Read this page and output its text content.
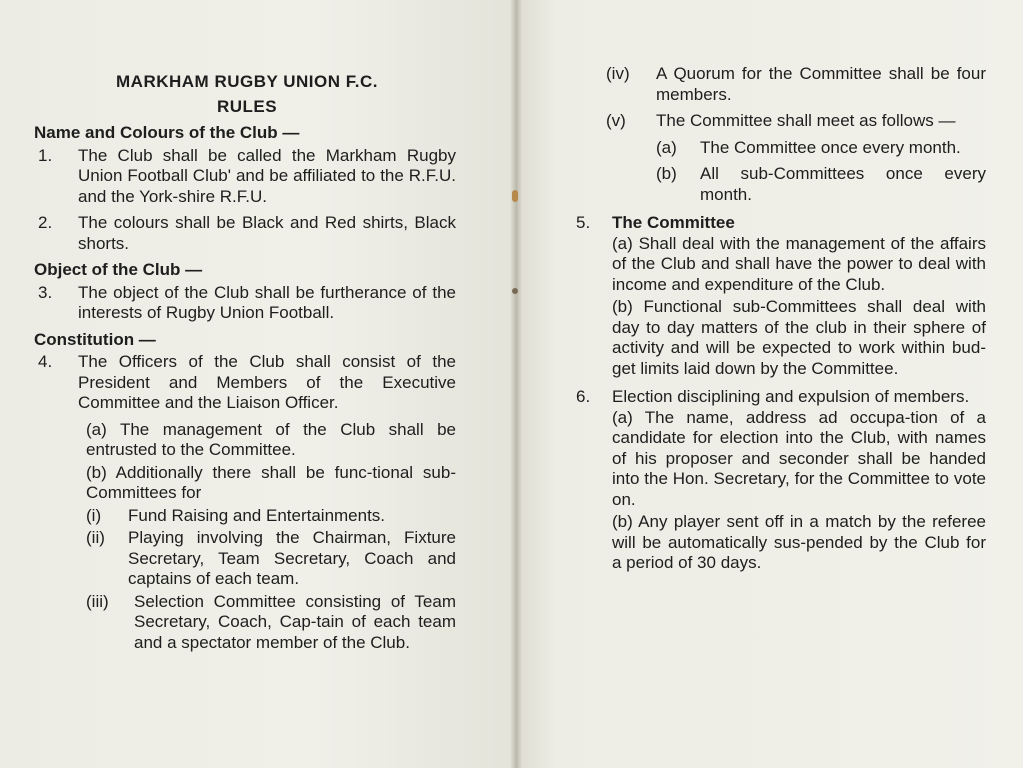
MARKHAM RUGBY UNION F.C.
RULES
Name and Colours of the Club —
1.	The Club shall be called the Markham Rugby Union Football Club' and be affiliated to the R.F.U. and the York-shire R.F.U.
2.	The colours shall be Black and Red shirts, Black shorts.
Object of the Club —
3.	The object of the Club shall be furtherance of the interests of Rugby Union Football.
Constitution —
4.	The Officers of the Club shall consist of the President and Members of the Executive Committee and the Liaison Officer.
(a) The management of the Club shall be entrusted to the Committee.
(b) Additionally there shall be func-tional sub-Committees for
(i)	Fund Raising and Entertainments.
(ii)	Playing involving the Chairman, Fixture Secretary, Team Secretary, Coach and captains of each team.
(iii)	Selection Committee consisting of Team Secretary, Coach, Cap-tain of each team and a spectator member of the Club.
(iv)	A Quorum for the Committee shall be four members.
(v)	The Committee shall meet as follows —
(a)	The Committee once every month.
(b)	All sub-Committees once every month.
5.	The Committee
(a) Shall deal with the management of the affairs of the Club and shall have the power to deal with income and expenditure of the Club.
(b) Functional sub-Committees shall deal with day to day matters of the club in their sphere of activity and will be expected to work within bud-get limits laid down by the Committee.
6.	Election disciplining and expulsion of members.
(a) The name, address ad occupa-tion of a candidate for election into the Club, with names of his proposer and seconder shall be handed into the Hon. Secretary, for the Committee to vote on.
(b) Any player sent off in a match by the referee will be automatically sus-pended by the Club for a period of 30 days.
